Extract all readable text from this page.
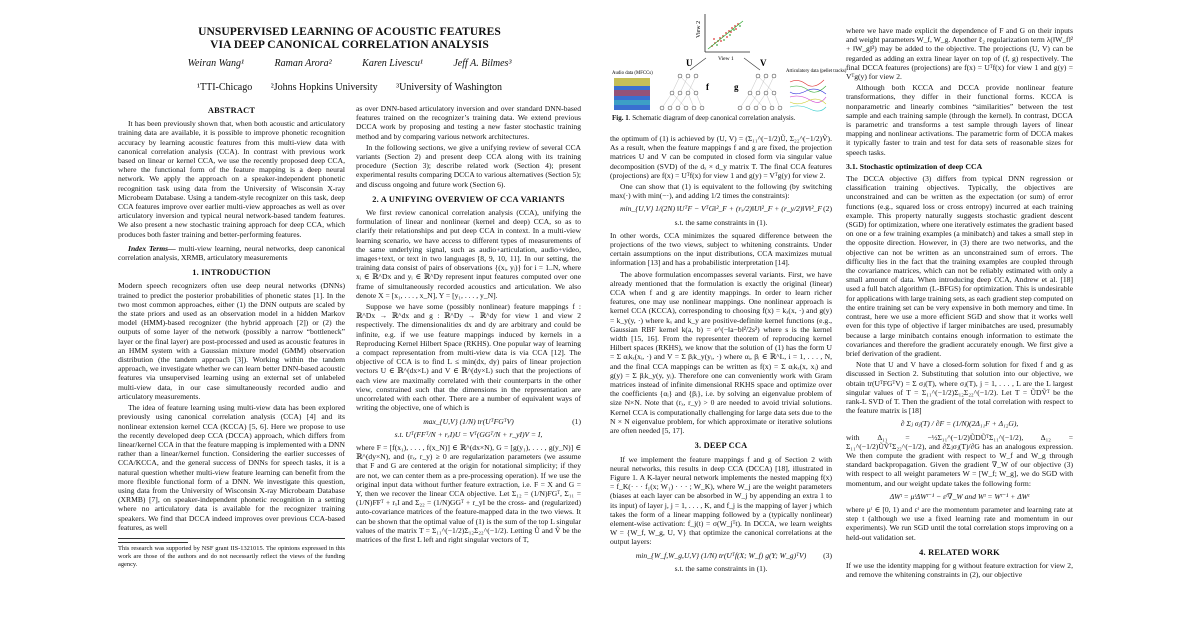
UNSUPERVISED LEARNING OF ACOUSTIC FEATURES
VIA DEEP CANONICAL CORRELATION ANALYSIS
Weiran Wang¹	Raman Arora²	Karen Livescu¹	Jeff A. Bilmes³
¹TTI-Chicago ²Johns Hopkins University ³University of Washington
ABSTRACT

It has been previously shown that, when both acoustic and articulatory training data are available, it is possible to improve phonetic recognition accuracy by learning acoustic features from this multi-view data with canonical correlation analysis (CCA). In contrast with previous work based on linear or kernel CCA, we use the recently proposed deep CCA, where the functional form of the feature mapping is a deep neural network. We apply the approach on a speaker-independent phonetic recognition task using data from the University of Wisconsin X-ray Microbeam Database. Using a tandem-style recognizer on this task, deep CCA features improve over earlier multi-view approaches as well as over articulatory inversion and typical neural network-based tandem features. We also present a new stochastic training approach for deep CCA, which produces both faster training and better-performing features.

Index Terms— multi-view learning, neural networks, deep canonical correlation analysis, XRMB, articulatory measurements

1. INTRODUCTION

Modern speech recognizers often use deep neural networks (DNNs) trained to predict the posterior probabilities of phonetic states [1]. In the two most common approaches, either (1) the DNN outputs are scaled by the state priors and used as an observation model in a hidden Markov model (HMM)-based recognizer (the hybrid approach [2]) or (2) the outputs of some layer of the network (possibly a narrow “bottleneck” layer or the final layer) are post-processed and used as acoustic features in an HMM system with a Gaussian mixture model (GMM) observation distribution (the tandem approach [3]). Working within the tandem approach, we investigate whether we can learn better DNN-based acoustic features via unsupervised learning using an external set of unlabeled multi-view data, in our case simultaneously recorded audio and articulatory measurements.

The idea of feature learning using multi-view data has been explored previously using canonical correlation analysis (CCA) [4] and its nonlinear extension kernel CCA (KCCA) [5, 6]. Here we propose to use the recently developed deep CCA (DCCA) approach, which differs from linear/kernel CCA in that the feature mapping is implemented with a DNN rather than a linear/kernel function. Considering the earlier successes of CCA/KCCA, and the general success of DNNs for speech tasks, it is a natural question whether multi-view feature learning can benefit from the more flexible functional form of a DNN. We investigate this question, using data from the University of Wisconsin X-ray Microbeam Database (XRMB) [7], on speaker-independent phonetic recognition in a setting where no articulatory data is available for the recognizer training speakers. We find that DCCA indeed improves over previous CCA-based features, as well

This research was supported by NSF grant IIS-1321015. The opinions expressed in this work are those of the authors and do not necessarily reflect the views of the funding agency.

as over DNN-based articulatory inversion and over standard DNN-based features trained on the recognizer’s training data. We extend previous DCCA work by proposing and testing a new faster stochastic training method and by comparing various network architectures.

In the following sections, we give a unifying review of several CCA variants (Section 2) and present deep CCA along with its training procedure (Section 3); describe related work (Section 4); present experimental results comparing DCCA to various alternatives (Section 5); and discuss ongoing and future work (Section 6).

2. A UNIFYING OVERVIEW OF CCA VARIANTS

We first review canonical correlation analysis (CCA), unifying the formulation of linear and nonlinear (kernel and deep) CCA, so as to clarify their relationships and put deep CCA in context. In a multi-view learning scenario, we have access to different types of measurements of the same underlying signal, such as audio+articulation, audio+video, images+text, or text in two languages [8, 9, 10, 11]. In our setting, the training data consist of pairs of observations {(xᵢ, yᵢ)} for i = 1..N, where xᵢ ∈ ℝ^Dx and yᵢ ∈ ℝ^Dy represent input features computed over one frame of simultaneously recorded acoustics and articulation. We also denote X = [x₁, . . . , x_N], Y = [y₁, . . . , y_N].

Suppose we have some (possibly nonlinear) feature mappings f : ℝ^Dx → ℝ^dx and g : ℝ^Dy → ℝ^dy for view 1 and view 2 respectively. The dimensionalities dx and dy are arbitrary and could be infinite, e.g. if we use feature mappings induced by kernels in a Reproducing Kernel Hilbert Space (RKHS). One popular way of learning a compact representation from multi-view data is via CCA [12]. The objective of CCA is to find L ≤ min(dx, dy) pairs of linear projection vectors U ∈ ℝ^(dx×L) and V ∈ ℝ^(dy×L) such that the projections of each view are maximally correlated with their counterparts in the other view, constrained such that the dimensions in the representation are uncorrelated with each other. There are a number of equivalent ways of writing the objective, one of which is

max_{U,V} (1/N) tr(UᵀFGᵀV)	(1)
s.t. Uᵀ(FFᵀ/N + rₓI)U = Vᵀ(GGᵀ/N + r_yI)V = I,

where F = [f(x₁), . . . , f(x_N)] ∈ ℝ^(dx×N), G = [g(y₁), . . . , g(y_N)] ∈ ℝ^(dy×N), and (rₓ, r_y) ≥ 0 are regularization parameters (we assume that F and G are centered at the origin for notational simplicity; if they are not, we can center them as a pre-processing operation). If we use the original input data without further feature extraction, i.e. F = X and G = Y, then we recover the linear CCA objective. Let Σ₁₂ = (1/N)FGᵀ, Σ₁₁ = (1/N)FFᵀ + rₓI and Σ₂₂ = (1/N)GGᵀ + r_yI be the cross- and (regularized) auto-covariance matrices of the feature-mapped data in the two views. It can be shown that the optimal value of (1) is the sum of the top L singular values of the matrix T = Σ₁₁^(−1/2)Σ₁₂Σ₂₂^(−1/2). Letting Ũ and Ṽ be the matrices of the first L left and right singular vectors of T,

View 2
View 1
U	V
f	g
Audio data (MFCCs)	Articulatory data (pellet tracks)
Fig. 1. Schematic diagram of deep canonical correlation analysis.

the optimum of (1) is achieved by (U, V) = (Σ₁₁^(−1/2)Ũ, Σ₂₂^(−1/2)Ṽ). As a result, when the feature mappings f and g are fixed, the projection matrices U and V can be computed in closed form via singular value decomposition (SVD) of the dₓ × d_y matrix T. The final CCA features (projections) are f(x) = Uᵀf(x) for view 1 and g(y) = Vᵀg(y) for view 2.

One can show that (1) is equivalent to the following (by switching max(·) with min(−·), and adding 1/2 times the constraints):

min_{U,V} 1/(2N) ‖UᵀF − VᵀG‖²_F + (rₓ/2)‖U‖²_F + (r_y/2)‖V‖²_F (2)
s.t. the same constraints in (1).

In other words, CCA minimizes the squared difference between the projections of the two views, subject to whitening constraints. Under certain assumptions on the input distributions, CCA maximizes mutual information [13] and has a probabilistic interpretation [14].

The above formulation encompasses several variants. First, we have already mentioned that the formulation is exactly the original (linear) CCA when f and g are identity mappings. In order to learn richer features, one may use nonlinear mappings. One nonlinear approach is kernel CCA (KCCA), corresponding to choosing f(x) = kₓ(x, ·) and g(y) = k_y(y, ·) where kₓ and k_y are positive-definite kernel functions (e.g., Gaussian RBF kernel k(a, b) = e^(−‖a−b‖²/2s²) where s is the kernel width [15, 16]. From the representer theorem of reproducing kernel Hilbert spaces (RKHS), we know that the solution of (1) has the form U = Σ αᵢkₓ(xᵢ, ·) and V = Σ βᵢk_y(yᵢ, ·) where αᵢ, βᵢ ∈ ℝ^L, i = 1, . . . , N, and the final CCA mappings can be written as f(x) = Σ αᵢkₓ(x, xᵢ) and g(y) = Σ βᵢk_y(y, yᵢ). Therefore one can conveniently work with Gram matrices instead of infinite dimensional RKHS space and optimize over the coefficients {αᵢ} and {βᵢ}, i.e. by solving an eigenvalue problem of size N×N. Note that (rₓ, r_y) > 0 are needed to avoid trivial solutions. Kernel CCA is computationally challenging for large data sets due to the N × N eigenvalue problem, for which approximate or iterative solutions are often needed [5, 17].

3. DEEP CCA

If we implement the feature mappings f and g of Section 2 with neural networks, this results in deep CCA (DCCA) [18], illustrated in Figure 1. A K-layer neural network implements the nested mapping f(x) = f_K(· · · f₁(x; W₁) · · · ; W_K), where W_j are the weight parameters (biases at each layer can be absorbed in W_j by appending an extra 1 to its input) of layer j, j = 1, . . . , K, and f_j is the mapping of layer j which takes the form of a linear mapping followed by a (typically nonlinear) element-wise activation: f_j(t) = σ(W_jᵀt). In DCCA, we learn weights W = {W_f, W_g, U, V} that optimize the canonical correlations at the output layers:

min_{W_f,W_g,U,V} (1/N) tr(Uᵀf(X; W_f) g(Y; W_g)ᵀV) (3)
s.t. the same constraints in (1).

where we have made explicit the dependence of F and G on their inputs and weight parameters W_f, W_g. Another ℓ₂ regularization term λ(‖W_f‖² + ‖W_g‖²) may be added to the objective. The projections (U, V) can be regarded as adding an extra linear layer on top of (f, g) respectively. The final DCCA features (projections) are f(x) = Uᵀf(x) for view 1 and g(y) = Vᵀg(y) for view 2.

Although both KCCA and DCCA provide nonlinear feature transformations, they differ in their functional forms. KCCA is nonparametric and linearly combines “similarities” between the test sample and each training sample (through the kernel). In contrast, DCCA is parametric and transforms a test sample through layers of linear mapping and nonlinear activations. The parametric form of DCCA makes it typically faster to train and test for data sets of reasonable sizes for speech tasks.

3.1. Stochastic optimization of deep CCA

The DCCA objective (3) differs from typical DNN regression or classification training objectives. Typically, the objectives are unconstrained and can be written as the expectation (or sum) of error functions (e.g., squared loss or cross entropy) incurred at each training example. This property naturally suggests stochastic gradient descent (SGD) for optimization, where one iteratively estimates the gradient based on one or a few training examples (a minibatch) and takes a small step in the opposite direction. However, in (3) there are two networks, and the objective can not be written as an unconstrained sum of errors. The difficulty lies in the fact that the training examples are coupled through the covariance matrices, which can not be reliably estimated with only a small amount of data. When introducing deep CCA, Andrew et al. [18] used a full batch algorithm (L-BFGS) for optimization. This is undesirable for applications with large training sets, as each gradient step computed on the entire training set can be very expensive in both memory and time. In contrast, here we use a more efficient SGD and show that it works well even for this type of objective if larger minibatches are used, presumably because a large minibatch contains enough information to estimate the covariances and therefore the gradient accurately enough. We first give a brief derivation of the gradient.

Note that U and V have a closed-form solution for fixed f and g as discussed in Section 2. Substituting that solution into our objective, we obtain tr(UᵀFGᵀV) = Σ σⱼ(T), where σⱼ(T), j = 1, . . . , L are the L largest singular values of T = Σ₁₁^(−1/2)Σ₁₂Σ₂₂^(−1/2). Let T = ŨDṼᵀ be the rank-L SVD of T. Then the gradient of the total correlation with respect to the feature matrix is [18]

∂ Σⱼ σⱼ(T) / ∂F = (1/N)(2Δ₁₁F + Δ₁₂G),

with Δ₁₁ = −½Σ₁₁^(−1/2)ŨDŨᵀΣ₁₁^(−1/2), Δ₁₂ = Σ₁₁^(−1/2)ŨṼᵀΣ₂₂^(−1/2), and ∂Σⱼσⱼ(T)/∂G has an analogous expression. We then compute the gradient with respect to W_f and W_g through standard backpropagation. Given the gradient ∇_W of our objective (3) with respect to all weight parameters W = [W_f; W_g], we do SGD with momentum, and our weight update takes the following form:

ΔWᵗ = μᵗΔWᵗ⁻¹ − εᵗ∇_W and Wᵗ = Wᵗ⁻¹ + ΔWᵗ

where μᵗ ∈ [0, 1) and εᵗ are the momentum parameter and learning rate at step t (although we use a fixed learning rate and momentum in our experiments). We run SGD until the total correlation stops improving on a held-out validation set.

4. RELATED WORK

If we use the identity mapping for g without feature extraction for view 2, and remove the whitening constraints in (2), our objective
